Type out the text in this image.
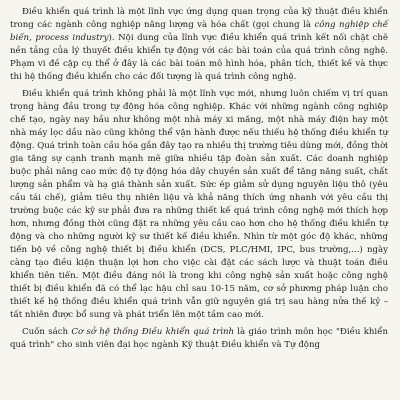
Điều khiển quá trình là một lĩnh vực ứng dụng quan trọng của kỹ thuật điều khiển trong các ngành công nghiệp năng lượng và hóa chất (gọi chung là công nghiệp chế biến, process industry). Nội dung của lĩnh vực điều khiển quá trình kết nối chặt chẽ nền tảng của lý thuyết điều khiển tự động với các bài toán của quá trình công nghệ. Phạm vi đề cập cụ thể ở đây là các bài toán mô hình hóa, phân tích, thiết kế và thực thi hệ thống điều khiển cho các đối tượng là quá trình công nghệ.

Điều khiển quá trình không phải là một lĩnh vực mới, nhưng luôn chiếm vị trí quan trọng hàng đầu trong tự động hóa công nghiệp. Khác với những ngành công nghiệp chế tạo, ngày nay hầu như không một nhà máy xi măng, một nhà máy điện hay một nhà máy lọc dầu nào cũng không thể vận hành được nếu thiếu hệ thống điều khiển tự động. Quá trình toàn cầu hóa gắn đây tạo ra nhiều thị trường tiêu dùng mới, đồng thời gia tăng sự cạnh tranh mạnh mẽ giữa nhiều tập đoàn sản xuất. Các doanh nghiệp buộc phải nâng cao mức độ tự động hóa dây chuyền sản xuất để tăng năng suất, chất lượng sản phẩm và hạ giá thành sản xuất. Sức ép giảm sử dụng nguyên liệu thô (yêu cầu tái chế), giảm tiêu thụ nhiên liệu và khả năng thích ứng nhanh với yêu cầu thị trường buộc các kỹ sư phải đưa ra những thiết kế quá trình công nghệ mới thích hợp hơn, nhưng đồng thời cũng đặt ra những yêu cầu cao hơn cho hệ thống điều khiển tự động và cho những người kỹ sư thiết kế điều khiển. Nhìn từ một góc độ khác, những tiến bộ về công nghệ thiết bị điều khiển (DCS, PLC/HMI, IPC, bus trường,...) ngày càng tạo điều kiện thuận lợi hơn cho việc cài đặt các sách lược và thuật toán điều khiển tiên tiến. Một điều đáng nói là trong khi công nghệ sản xuất hoặc công nghệ thiết bị điều khiển đã có thể lạc hậu chỉ sau 10-15 năm, cơ sở phương pháp luận cho thiết kế hệ thống điều khiển quá trình vẫn giữ nguyên giá trị sau hàng nửa thế kỷ – tất nhiên được bổ sung và phát triển lên một tầm cao mới.

Cuốn sách Cơ sở hệ thống Điều khiển quá trình là giáo trình môn học "Điều khiển quá trình" cho sinh viên đại học ngành Kỹ thuật Điều khiển và Tự động
